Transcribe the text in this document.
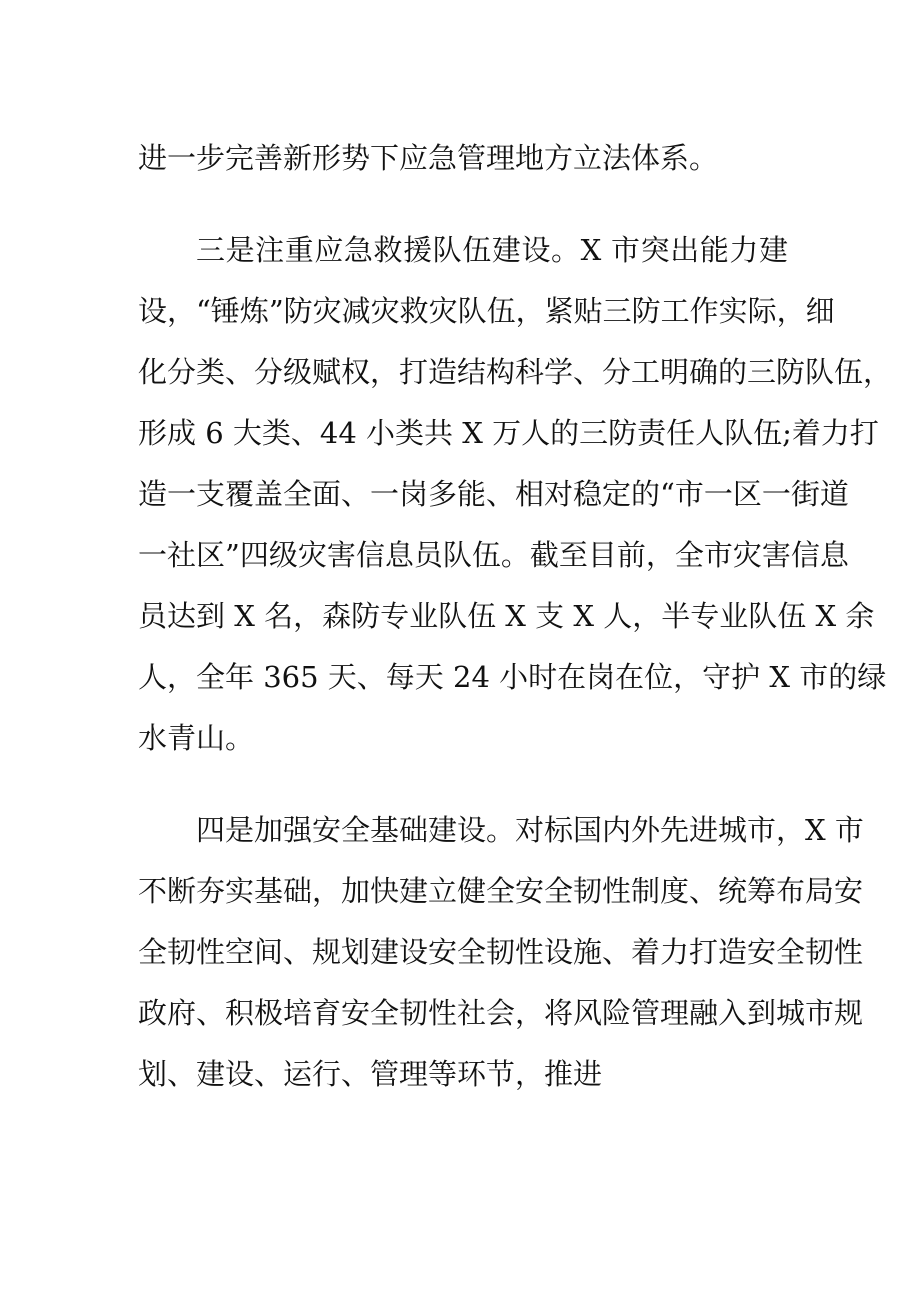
进一步完善新形势下应急管理地方立法体系。
三是注重应急救援队伍建设。X 市突出能力建
设，“锤炼”防灾减灾救灾队伍，紧贴三防工作实际，细
化分类、分级赋权，打造结构科学、分工明确的三防队伍，
形成 6 大类、44 小类共 X 万人的三防责任人队伍;着力打
造一支覆盖全面、一岗多能、相对稳定的“市一区一街道
一社区”四级灾害信息员队伍。截至目前，全市灾害信息
员达到 X 名，森防专业队伍 X 支 X 人，半专业队伍 X 余
人，全年 365 天、每天 24 小时在岗在位，守护 X 市的绿
水青山。
四是加强安全基础建设。对标国内外先进城市，X 市
不断夯实基础，加快建立健全安全韧性制度、统筹布局安
全韧性空间、规划建设安全韧性设施、着力打造安全韧性
政府、积极培育安全韧性社会，将风险管理融入到城市规
划、建设、运行、管理等环节，推进
